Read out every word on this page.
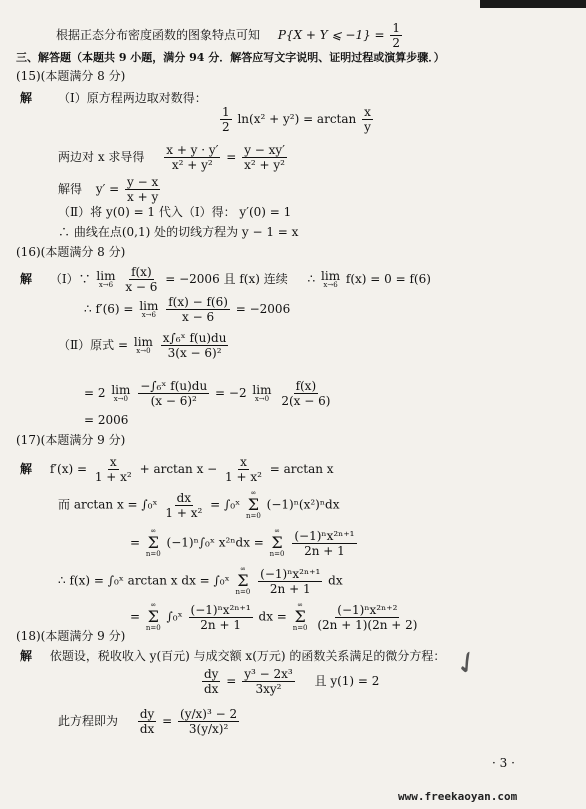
根据正态分布密度函数的图象特点可知 P{X + Y ⩽ $-1\} = \frac{1}{2}$
三、解答题（本题共 9 小题，满分 94 分．解答应写文字说明、证明过程或演算步骤．）
(15)(本题满分 8 分)
解 （Ⅰ）原方程两边取对数得：
$\frac{1}{2} \ln(x^2 + y^2) = \arctan \frac{x}{y}$
两边对 x 求导得 $\frac{x + y \cdot y'}{\text{x² + y²}} = \frac{y - xy'}{\text{x² + y²}}$
解得 $y' = \frac{y - x}{x + y}$
（Ⅱ）将 y(0) = 1 代入（Ⅰ）得： y′(0) = 1
∴ 曲线在点(0,1) 处的切线方程为 y − 1 = x
(16)(本题满分 8 分)
解 （Ⅰ）∵ lim
x→6
$\frac{f(x)}{x - 6} = -2006$ 且 f(x) 连续 ∴ lim
x→6 f(x) = 0 = f(6)
∴ f′(6) = lim
x→6
$\frac{f(x) - f(6)}{x - 6} = -2006$
（Ⅱ）原式 = lim
x→0
$\frac{\text{x∫₆ˣ f(u)du}}{\text{3(x − 6)²}}$
= 2 lim
x→0
$\frac{\text{−∫₆ˣ f(u)du}}{\text{(x − 6)²}} = -2$ lim
x→0
$\frac{f(x)}{2(x - 6)}$
= 2006
(17)(本题满分 9 分)
解 $f'(x) = \frac{x}{\text{1 + x²}} + \arctan x - \frac{x}{\text{1 + x²}} = \arctan x$
而 arctan x = ∫₀ˣ $\frac{dx}{\text{1 + x²}}$ = ∫₀ˣ
∞
Σ
n=0
(−1)ⁿ(x²)ⁿdx
=
∞
Σ
n=0
(−1)ⁿ∫₀ˣ x²ⁿdx =
∞
Σ
n=0
$\frac{\text{(−1)ⁿx²ⁿ⁺¹}}{2n + 1}$
∴ f(x) = ∫₀ˣ arctan x dx = ∫₀ˣ
∞
Σ
n=0
$\frac{\text{(−1)ⁿx²ⁿ⁺¹}}{2n + 1}$ dx
=
∞
Σ
n=0
∫₀ˣ $\frac{\text{(−1)ⁿx²ⁿ⁺¹}}{2n + 1}$ dx =
∞
Σ
n=0
$\frac{\text{(−1)ⁿx²ⁿ⁺²}}{(2n + 1)(2n + 2)}$
(18)(本题满分 9 分)
解 依题设，税收收入 y(百元) 与成交额 x(万元) 的函数关系满足的微分方程：
$\frac{dy}{dx} = \frac{\text{y³ − 2x³}}{\text{3xy²}}$ 且 y(1) = 2
此方程即为 $\frac{dy}{dx} = \frac{\text{(y/x)³ − 2}}{\text{3(y/x)²}}$
✓
· 3 ·
www.freekaoyan.com
